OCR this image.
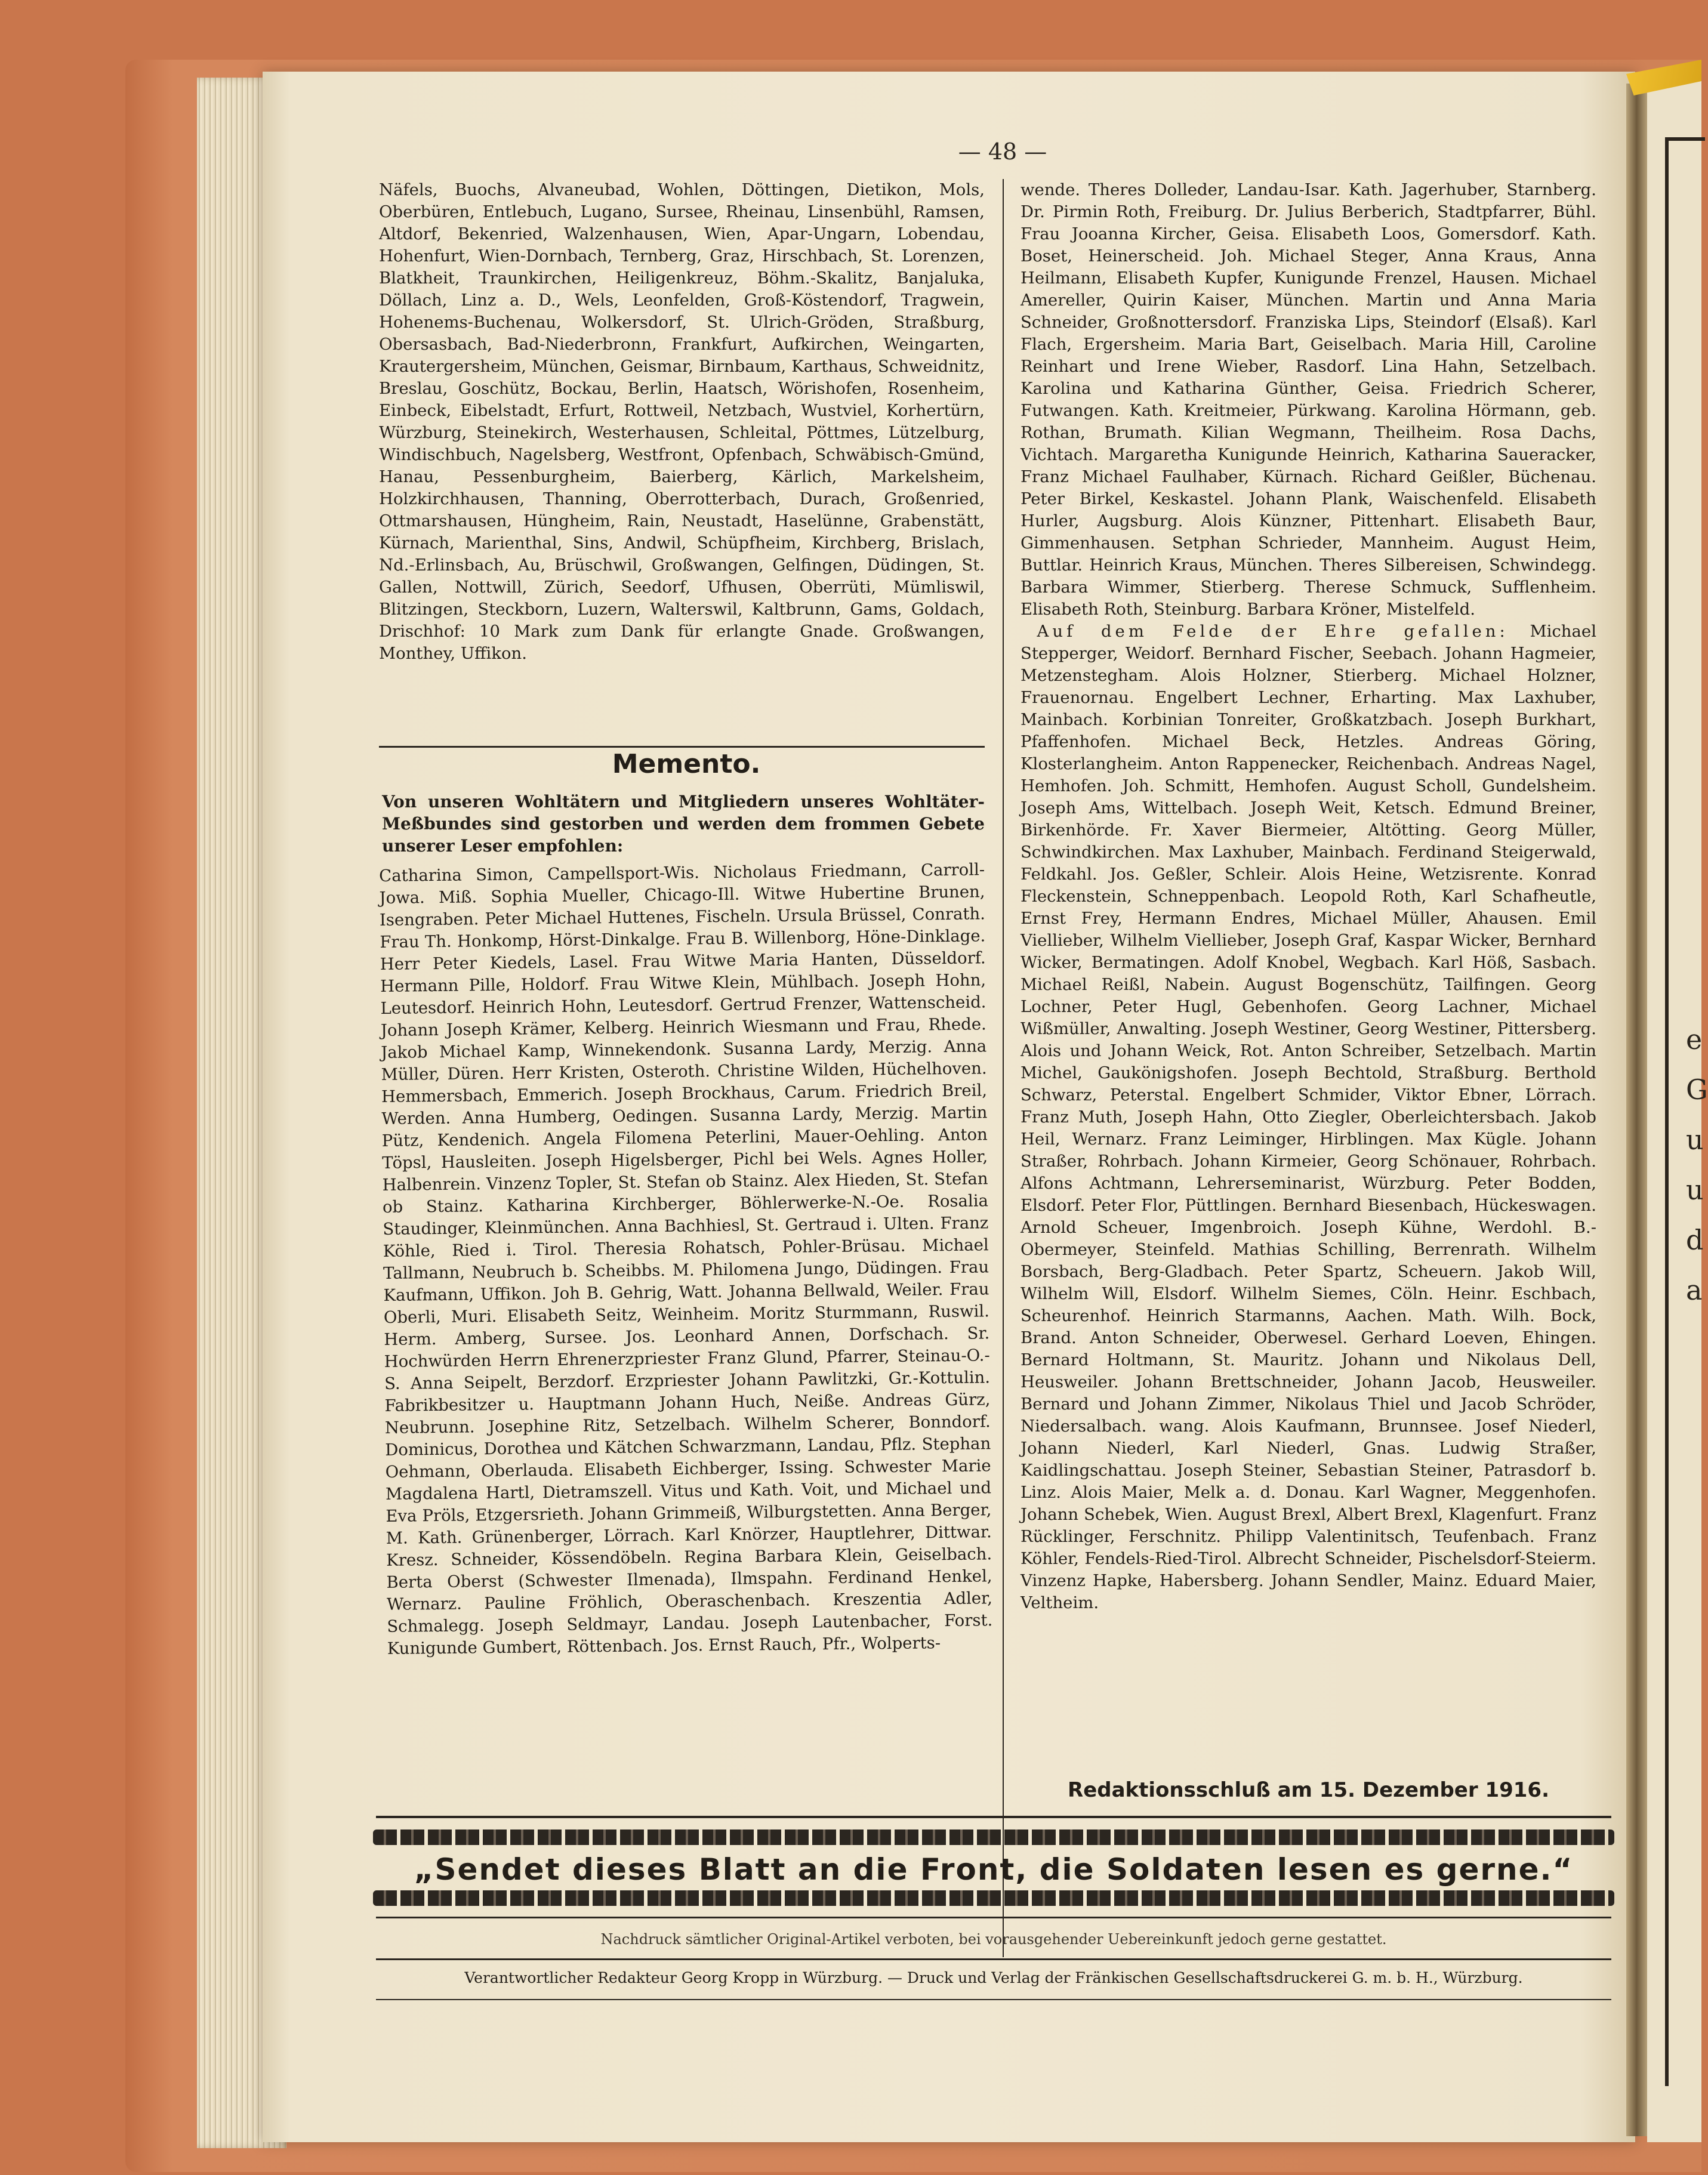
e
G
u
u
d
a
— 48 —
Näfels, Buochs, Alvaneubad, Wohlen, Döttingen, Dietikon, Mols, Oberbüren, Entlebuch, Lugano, Sursee, Rheinau, Linsenbühl, Ramsen, Altdorf, Bekenried, Walzenhausen, Wien, Apar-Ungarn, Lobendau, Hohenfurt, Wien-Dornbach, Ternberg, Graz, Hirschbach, St. Lorenzen, Blatkheit, Traunkirchen, Heiligenkreuz, Böhm.-Skalitz, Banjaluka, Döllach, Linz a. D., Wels, Leonfelden, Groß-Köstendorf, Tragwein, Hohenems-Buchenau, Wolkersdorf, St. Ulrich-Gröden, Straßburg, Obersasbach, Bad-Niederbronn, Frankfurt, Aufkirchen, Weingarten, Krautergersheim, München, Geismar, Birnbaum, Karthaus, Schweidnitz, Breslau, Goschütz, Bockau, Berlin, Haatsch, Wörishofen, Rosenheim, Einbeck, Eibelstadt, Erfurt, Rottweil, Netzbach, Wustviel, Korhertürn, Würzburg, Steinekirch, Westerhausen, Schleital, Pöttmes, Lützelburg, Windischbuch, Nagelsberg, Westfront, Opfenbach, Schwäbisch-Gmünd, Hanau, Pessenburgheim, Baierberg, Kärlich, Markelsheim, Holzkirchhausen, Thanning, Oberrotterbach, Durach, Großenried, Ottmarshausen, Hüngheim, Rain, Neustadt, Haselünne, Grabenstätt, Kürnach, Marienthal, Sins, Andwil, Schüpfheim, Kirchberg, Brislach, Nd.-Erlinsbach, Au, Brüschwil, Großwangen, Gelfingen, Düdingen, St. Gallen, Nottwill, Zürich, Seedorf, Ufhusen, Oberrüti, Mümliswil, Blitzingen, Steckborn, Luzern, Walterswil, Kaltbrunn, Gams, Goldach, Drischhof: 10 Mark zum Dank für erlangte Gnade. Großwangen, Monthey, Uffikon.
Memento.
Von unseren Wohltätern und Mitgliedern unseres Wohltäter-Meßbundes sind gestorben und werden dem frommen Gebete unserer Leser empfohlen:
Catharina Simon, Campellsport-Wis. Nicholaus Friedmann, Carroll-Jowa. Miß. Sophia Mueller, Chicago-Ill. Witwe Hubertine Brunen, Isengraben. Peter Michael Huttenes, Fischeln. Ursula Brüssel, Conrath. Frau Th. Honkomp, Hörst-Dinkalge. Frau B. Willenborg, Höne-Dinklage. Herr Peter Kiedels, Lasel. Frau Witwe Maria Hanten, Düsseldorf. Hermann Pille, Holdorf. Frau Witwe Klein, Mühlbach. Joseph Hohn, Leutesdorf. Heinrich Hohn, Leutesdorf. Gertrud Frenzer, Wattenscheid. Johann Joseph Krämer, Kelberg. Heinrich Wiesmann und Frau, Rhede. Jakob Michael Kamp, Winnekendonk. Susanna Lardy, Merzig. Anna Müller, Düren. Herr Kristen, Osteroth. Christine Wilden, Hüchelhoven. Hemmersbach, Emmerich. Joseph Brockhaus, Carum. Friedrich Breil, Werden. Anna Humberg, Oedingen. Susanna Lardy, Merzig. Martin Pütz, Kendenich. Angela Filomena Peterlini, Mauer-Oehling. Anton Töpsl, Hausleiten. Joseph Higelsberger, Pichl bei Wels. Agnes Holler, Halbenrein. Vinzenz Topler, St. Stefan ob Stainz. Alex Hieden, St. Stefan ob Stainz. Katharina Kirchberger, Böhlerwerke-N.-Oe. Rosalia Staudinger, Kleinmünchen. Anna Bachhiesl, St. Gertraud i. Ulten. Franz Köhle, Ried i. Tirol. Theresia Rohatsch, Pohler-Brüsau. Michael Tallmann, Neubruch b. Scheibbs. M. Philomena Jungo, Düdingen. Frau Kaufmann, Uffikon. Joh B. Gehrig, Watt. Johanna Bellwald, Weiler. Frau Oberli, Muri. Elisabeth Seitz, Weinheim. Moritz Sturmmann, Ruswil. Herm. Amberg, Sursee. Jos. Leonhard Annen, Dorfschach. Sr. Hochwürden Herrn Ehrenerzpriester Franz Glund, Pfarrer, Steinau-O.-S. Anna Seipelt, Berzdorf. Erzpriester Johann Pawlitzki, Gr.-Kottulin. Fabrikbesitzer u. Hauptmann Johann Huch, Neiße. Andreas Gürz, Neubrunn. Josephine Ritz, Setzelbach. Wilhelm Scherer, Bonndorf. Dominicus, Dorothea und Kätchen Schwarzmann, Landau, Pflz. Stephan Oehmann, Oberlauda. Elisabeth Eichberger, Issing. Schwester Marie Magdalena Hartl, Dietramszell. Vitus und Kath. Voit, und Michael und Eva Pröls, Etzgersrieth. Johann Grimmeiß, Wilburgstetten. Anna Berger, M. Kath. Grünenberger, Lörrach. Karl Knörzer, Hauptlehrer, Dittwar. Kresz. Schneider, Kössendöbeln. Regina Barbara Klein, Geiselbach. Berta Oberst (Schwester Ilmenada), Ilmspahn. Ferdinand Henkel, Wernarz. Pauline Fröhlich, Oberaschenbach. Kreszentia Adler, Schmalegg. Joseph Seldmayr, Landau. Joseph Lautenbacher, Forst. Kunigunde Gumbert, Röttenbach. Jos. Ernst Rauch, Pfr., Wolperts-
wende. Theres Dolleder, Landau-Isar. Kath. Jagerhuber, Starnberg. Dr. Pirmin Roth, Freiburg. Dr. Julius Berberich, Stadtpfarrer, Bühl. Frau Jooanna Kircher, Geisa. Elisabeth Loos, Gomersdorf. Kath. Boset, Heinerscheid. Joh. Michael Steger, Anna Kraus, Anna Heilmann, Elisabeth Kupfer, Kunigunde Frenzel, Hausen. Michael Amereller, Quirin Kaiser, München. Martin und Anna Maria Schneider, Großnottersdorf. Franziska Lips, Steindorf (Elsaß). Karl Flach, Ergersheim. Maria Bart, Geiselbach. Maria Hill, Caroline Reinhart und Irene Wieber, Rasdorf. Lina Hahn, Setzelbach. Karolina und Katharina Günther, Geisa. Friedrich Scherer, Futwangen. Kath. Kreitmeier, Pürkwang. Karolina Hörmann, geb. Rothan, Brumath. Kilian Wegmann, Theilheim. Rosa Dachs, Vichtach. Margaretha Kunigunde Heinrich, Katharina Saueracker, Franz Michael Faulhaber, Kürnach. Richard Geißler, Büchenau. Peter Birkel, Keskastel. Johann Plank, Waischenfeld. Elisabeth Hurler, Augsburg. Alois Künzner, Pittenhart. Elisabeth Baur, Gimmenhausen. Setphan Schrieder, Mannheim. August Heim, Buttlar. Heinrich Kraus, München. Theres Silbereisen, Schwindegg. Barbara Wimmer, Stierberg. Therese Schmuck, Sufflenheim. Elisabeth Roth, Steinburg. Barbara Kröner, Mistelfeld.
 Auf dem Felde der Ehre gefallen: Michael Stepperger, Weidorf. Bernhard Fischer, Seebach. Johann Hagmeier, Metzenstegham. Alois Holzner, Stierberg. Michael Holzner, Frauenornau. Engelbert Lechner, Erharting. Max Laxhuber, Mainbach. Korbinian Tonreiter, Großkatzbach. Joseph Burkhart, Pfaffenhofen. Michael Beck, Hetzles. Andreas Göring, Klosterlangheim. Anton Rappenecker, Reichenbach. Andreas Nagel, Hemhofen. Joh. Schmitt, Hemhofen. August Scholl, Gundelsheim. Joseph Ams, Wittelbach. Joseph Weit, Ketsch. Edmund Breiner, Birkenhörde. Fr. Xaver Biermeier, Altötting. Georg Müller, Schwindkirchen. Max Laxhuber, Mainbach. Ferdinand Steigerwald, Feldkahl. Jos. Geßler, Schleir. Alois Heine, Wetzisrente. Konrad Fleckenstein, Schneppenbach. Leopold Roth, Karl Schafheutle, Ernst Frey, Hermann Endres, Michael Müller, Ahausen. Emil Viellieber, Wilhelm Viellieber, Joseph Graf, Kaspar Wicker, Bernhard Wicker, Bermatingen. Adolf Knobel, Wegbach. Karl Höß, Sasbach. Michael Reißl, Nabein. August Bogenschütz, Tailfingen. Georg Lochner, Peter Hugl, Gebenhofen. Georg Lachner, Michael Wißmüller, Anwalting. Joseph Westiner, Georg Westiner, Pittersberg. Alois und Johann Weick, Rot. Anton Schreiber, Setzelbach. Martin Michel, Gaukönigshofen. Joseph Bechtold, Straßburg. Berthold Schwarz, Peterstal. Engelbert Schmider, Viktor Ebner, Lörrach. Franz Muth, Joseph Hahn, Otto Ziegler, Oberleichtersbach. Jakob Heil, Wernarz. Franz Leiminger, Hirblingen. Max Kügle. Johann Straßer, Rohrbach. Johann Kirmeier, Georg Schönauer, Rohrbach. Alfons Achtmann, Lehrerseminarist, Würzburg. Peter Bodden, Elsdorf. Peter Flor, Püttlingen. Bernhard Biesenbach, Hückeswagen. Arnold Scheuer, Imgenbroich. Joseph Kühne, Werdohl. B.-Obermeyer, Steinfeld. Mathias Schilling, Berrenrath. Wilhelm Borsbach, Berg-Gladbach. Peter Spartz, Scheuern. Jakob Will, Wilhelm Will, Elsdorf. Wilhelm Siemes, Cöln. Heinr. Eschbach, Scheurenhof. Heinrich Starmanns, Aachen. Math. Wilh. Bock, Brand. Anton Schneider, Oberwesel. Gerhard Loeven, Ehingen. Bernard Holtmann, St. Mauritz. Johann und Nikolaus Dell, Heusweiler. Johann Brettschneider, Johann Jacob, Heusweiler. Bernard und Johann Zimmer, Nikolaus Thiel und Jacob Schröder, Niedersalbach. wang. Alois Kaufmann, Brunnsee. Josef Niederl, Johann Niederl, Karl Niederl, Gnas. Ludwig Straßer, Kaidlingschattau. Joseph Steiner, Sebastian Steiner, Patrasdorf b. Linz. Alois Maier, Melk a. d. Donau. Karl Wagner, Meggenhofen. Johann Schebek, Wien. August Brexl, Albert Brexl, Klagenfurt. Franz Rücklinger, Ferschnitz. Philipp Valentinitsch, Teufenbach. Franz Köhler, Fendels-Ried-Tirol. Albrecht Schneider, Pischelsdorf-Steierm. Vinzenz Hapke, Habersberg. Johann Sendler, Mainz. Eduard Maier, Veltheim.
Redaktionsschluß am 15. Dezember 1916.
„Sendet dieses Blatt an die Front, die Soldaten lesen es gerne.“
Nachdruck sämtlicher Original-Artikel verboten, bei vorausgehender Uebereinkunft jedoch gerne gestattet.
Verantwortlicher Redakteur Georg Kropp in Würzburg. — Druck und Verlag der Fränkischen Gesellschaftsdruckerei G. m. b. H., Würzburg.
